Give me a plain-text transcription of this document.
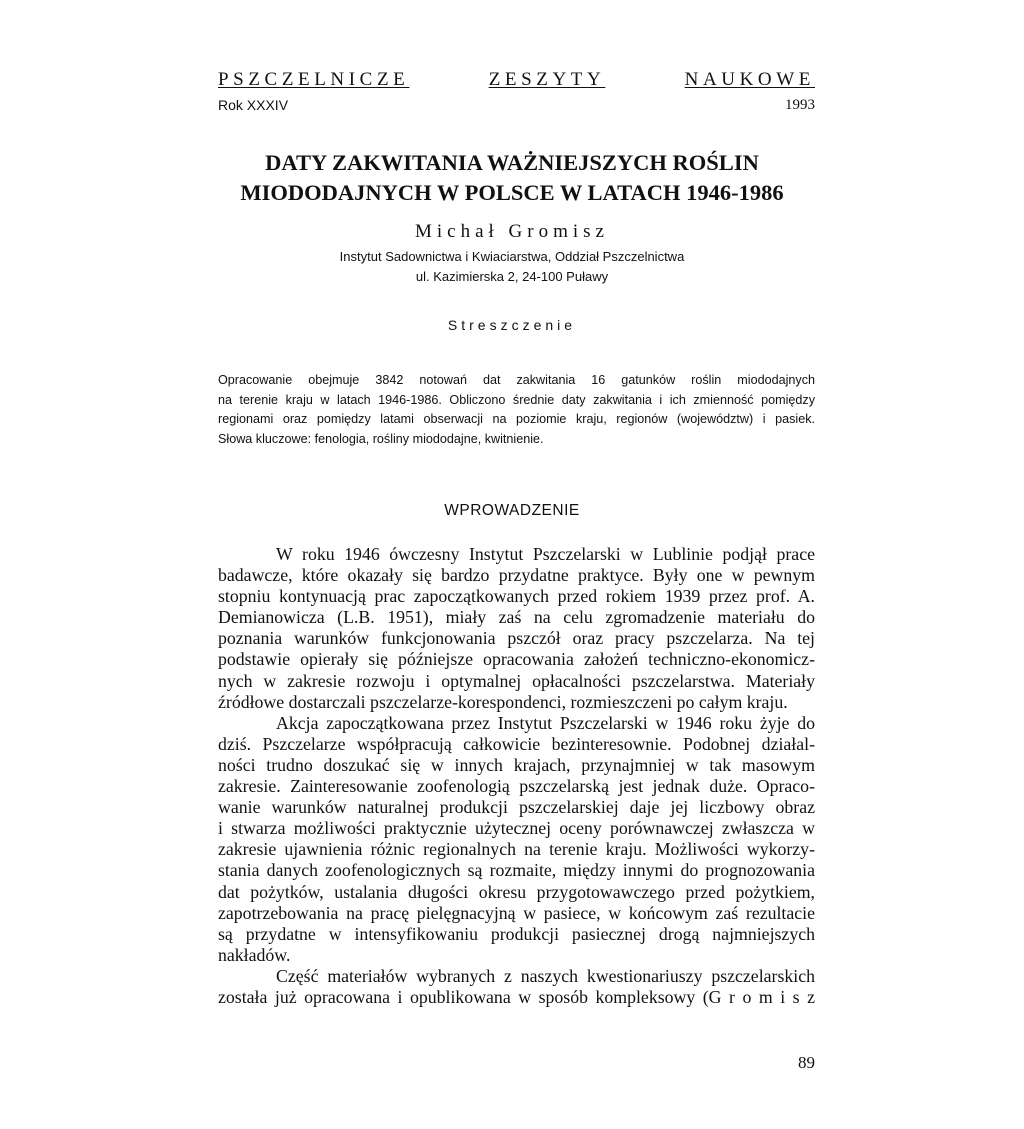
PSZCZELNICZE	ZESZYTY	NAUKOWE
Rok XXXIV	1993
DATY ZAKWITANIA WAŻNIEJSZYCH ROŚLIN
MIODODAJNYCH W POLSCE W LATACH 1946-1986
Michał Gromisz
Instytut Sadownictwa i Kwiaciarstwa, Oddział Pszczelnictwa
ul. Kazimierska 2, 24-100 Puławy
Streszczenie
Opracowanie obejmuje 3842 notowań dat zakwitania 16 gatunków roślin miododajnych
na terenie kraju w latach 1946-1986. Obliczono średnie daty zakwitania i ich zmienność pomiędzy
regionami oraz pomiędzy latami obserwacji na poziomie kraju, regionów (województw) i pasiek.
Słowa kluczowe: fenologia, rośliny miododajne, kwitnienie.
WPROWADZENIE
W roku 1946 ówczesny Instytut Pszczelarski w Lublinie podjął prace
badawcze, które okazały się bardzo przydatne praktyce. Były one w pewnym
stopniu kontynuacją prac zapoczątkowanych przed rokiem 1939 przez prof. A.
Demianowicza (L.B. 1951), miały zaś na celu zgromadzenie materiału do
poznania warunków funkcjonowania pszczół oraz pracy pszczelarza. Na tej
podstawie opierały się późniejsze opracowania założeń techniczno-ekonomicz-
nych w zakresie rozwoju i optymalnej opłacalności pszczelarstwa. Materiały
źródłowe dostarczali pszczelarze-korespondenci, rozmieszczeni po całym kraju.
Akcja zapoczątkowana przez Instytut Pszczelarski w 1946 roku żyje do
dziś. Pszczelarze współpracują całkowicie bezinteresownie. Podobnej działal-
ności trudno doszukać się w innych krajach, przynajmniej w tak masowym
zakresie. Zainteresowanie zoofenologią pszczelarską jest jednak duże. Opraco-
wanie warunków naturalnej produkcji pszczelarskiej daje jej liczbowy obraz
i stwarza możliwości praktycznie użytecznej oceny porównawczej zwłaszcza w
zakresie ujawnienia różnic regionalnych na terenie kraju. Możliwości wykorzy-
stania danych zoofenologicznych są rozmaite, między innymi do prognozowania
dat pożytków, ustalania długości okresu przygotowawczego przed pożytkiem,
zapotrzebowania na pracę pielęgnacyjną w pasiece, w końcowym zaś rezultacie
są przydatne w intensyfikowaniu produkcji pasiecznej drogą najmniejszych
nakładów.
Część materiałów wybranych z naszych kwestionariuszy pszczelarskich
została już opracowana i opublikowana w sposób kompleksowy (G r o m i s z
89
